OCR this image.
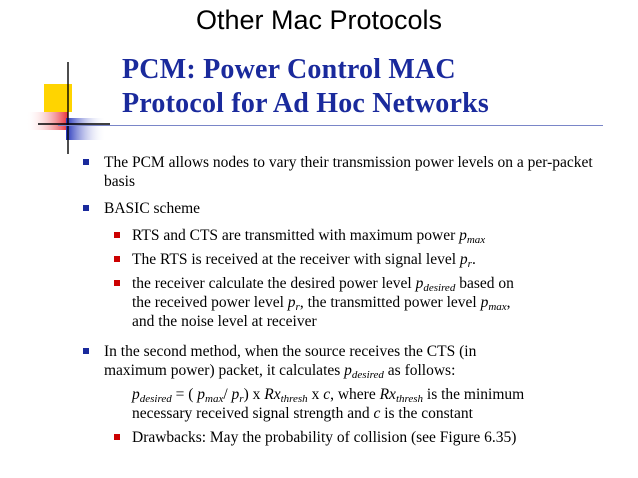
Other Mac Protocols
PCM: Power Control MAC
Protocol for Ad Hoc Networks
The PCM allows nodes to vary their transmission power levels on a per-packet basis
BASIC scheme
RTS and CTS are transmitted with maximum power $p_{max}$
The RTS is received at the receiver with signal level $p_r$.
the receiver calculate the desired power level $p_{desired}$ based on
the received power level $p_r$, the transmitted power level $p_{max}$,
and the noise level at receiver
In the second method, when the source receives the CTS (in
maximum power) packet, it calculates $p_{desired}$ as follows:
$p_{desired}$ = ( $p_{max}/$ $p_r$) x $Rx_{thresh}$ x c, where $Rx_{thresh}$ is the minimum
necessary received signal strength and c is the constant
Drawbacks: May the probability of collision (see Figure 6.35)
